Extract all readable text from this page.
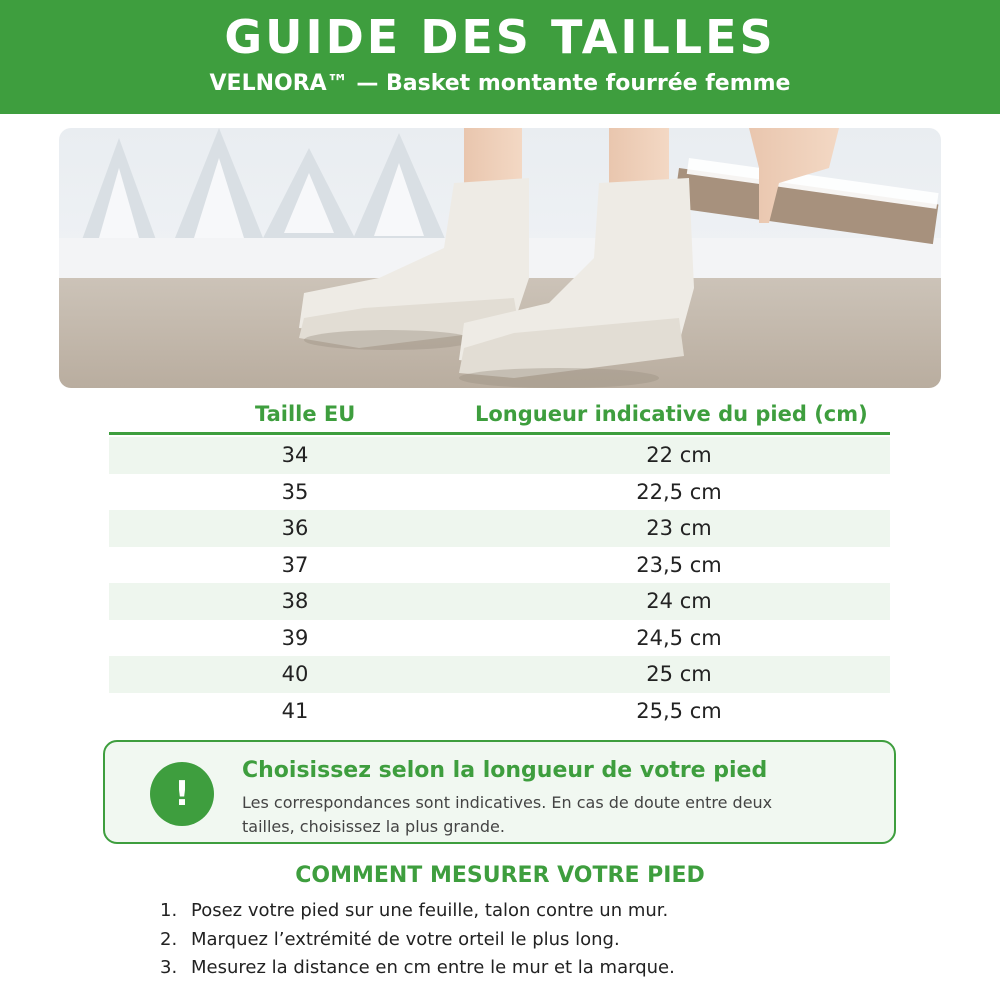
GUIDE DES TAILLES
VELNORA™ — Basket montante fourrée femme
Taille EU	Longueur indicative du pied (cm)
34	22 cm
35	22,5 cm
36	23 cm
37	23,5 cm
38	24 cm
39	24,5 cm
40	25 cm
41	25,5 cm
!
Choisissez selon la longueur de votre pied
Les correspondances sont indicatives. En cas de doute entre deux tailles, choisissez la plus grande.
COMMENT MESURER VOTRE PIED
1. Posez votre pied sur une feuille, talon contre un mur.
2. Marquez l’extrémité de votre orteil le plus long.
3. Mesurez la distance en cm entre le mur et la marque.
